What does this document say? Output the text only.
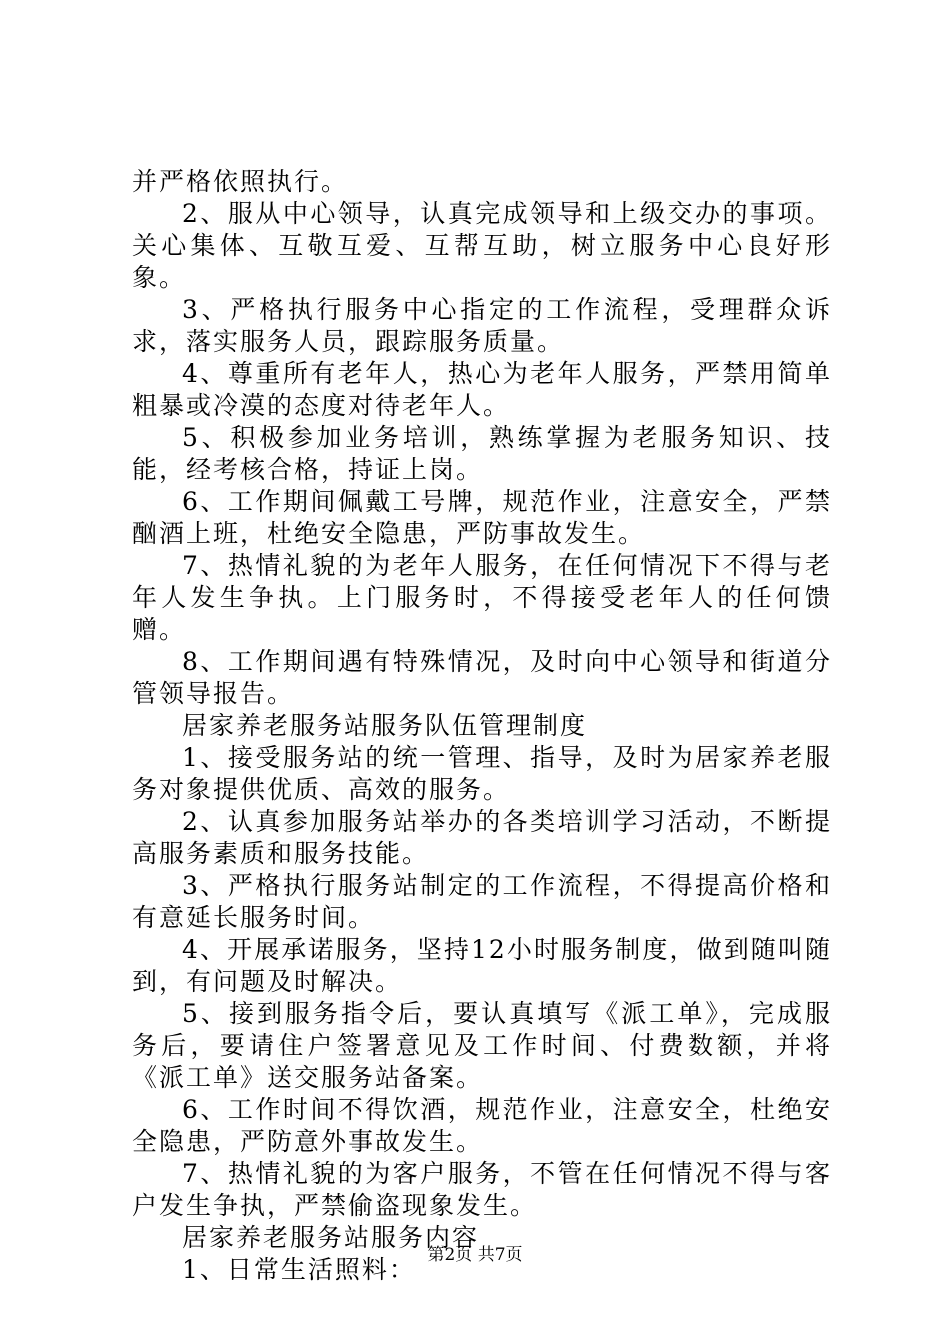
并严格依照执行。

2、服从中心领导，认真完成领导和上级交办的事项。关心集体、互敬互爱、互帮互助，树立服务中心良好形象。

3、严格执行服务中心指定的工作流程，受理群众诉求，落实服务人员，跟踪服务质量。

4、尊重所有老年人，热心为老年人服务，严禁用简单粗暴或冷漠的态度对待老年人。

5、积极参加业务培训，熟练掌握为老服务知识、技能，经考核合格，持证上岗。

6、工作期间佩戴工号牌，规范作业，注意安全，严禁酗酒上班，杜绝安全隐患，严防事故发生。

7、热情礼貌的为老年人服务，在任何情况下不得与老年人发生争执。上门服务时，不得接受老年人的任何馈赠。

8、工作期间遇有特殊情况，及时向中心领导和街道分管领导报告。

居家养老服务站服务队伍管理制度

1、接受服务站的统一管理、指导，及时为居家养老服务对象提供优质、高效的服务。

2、认真参加服务站举办的各类培训学习活动，不断提高服务素质和服务技能。

3、严格执行服务站制定的工作流程，不得提高价格和有意延长服务时间。

4、开展承诺服务，坚持12小时服务制度，做到随叫随到，有问题及时解决。

5、接到服务指令后，要认真填写《派工单》，完成服务后，要请住户签署意见及工作时间、付费数额，并将《派工单》送交服务站备案。

6、工作时间不得饮酒，规范作业，注意安全，杜绝安全隐患，严防意外事故发生。

7、热情礼貌的为客户服务，不管在任何情况不得与客户发生争执，严禁偷盗现象发生。

居家养老服务站服务内容

1、日常生活照料： 第2页 共7页
